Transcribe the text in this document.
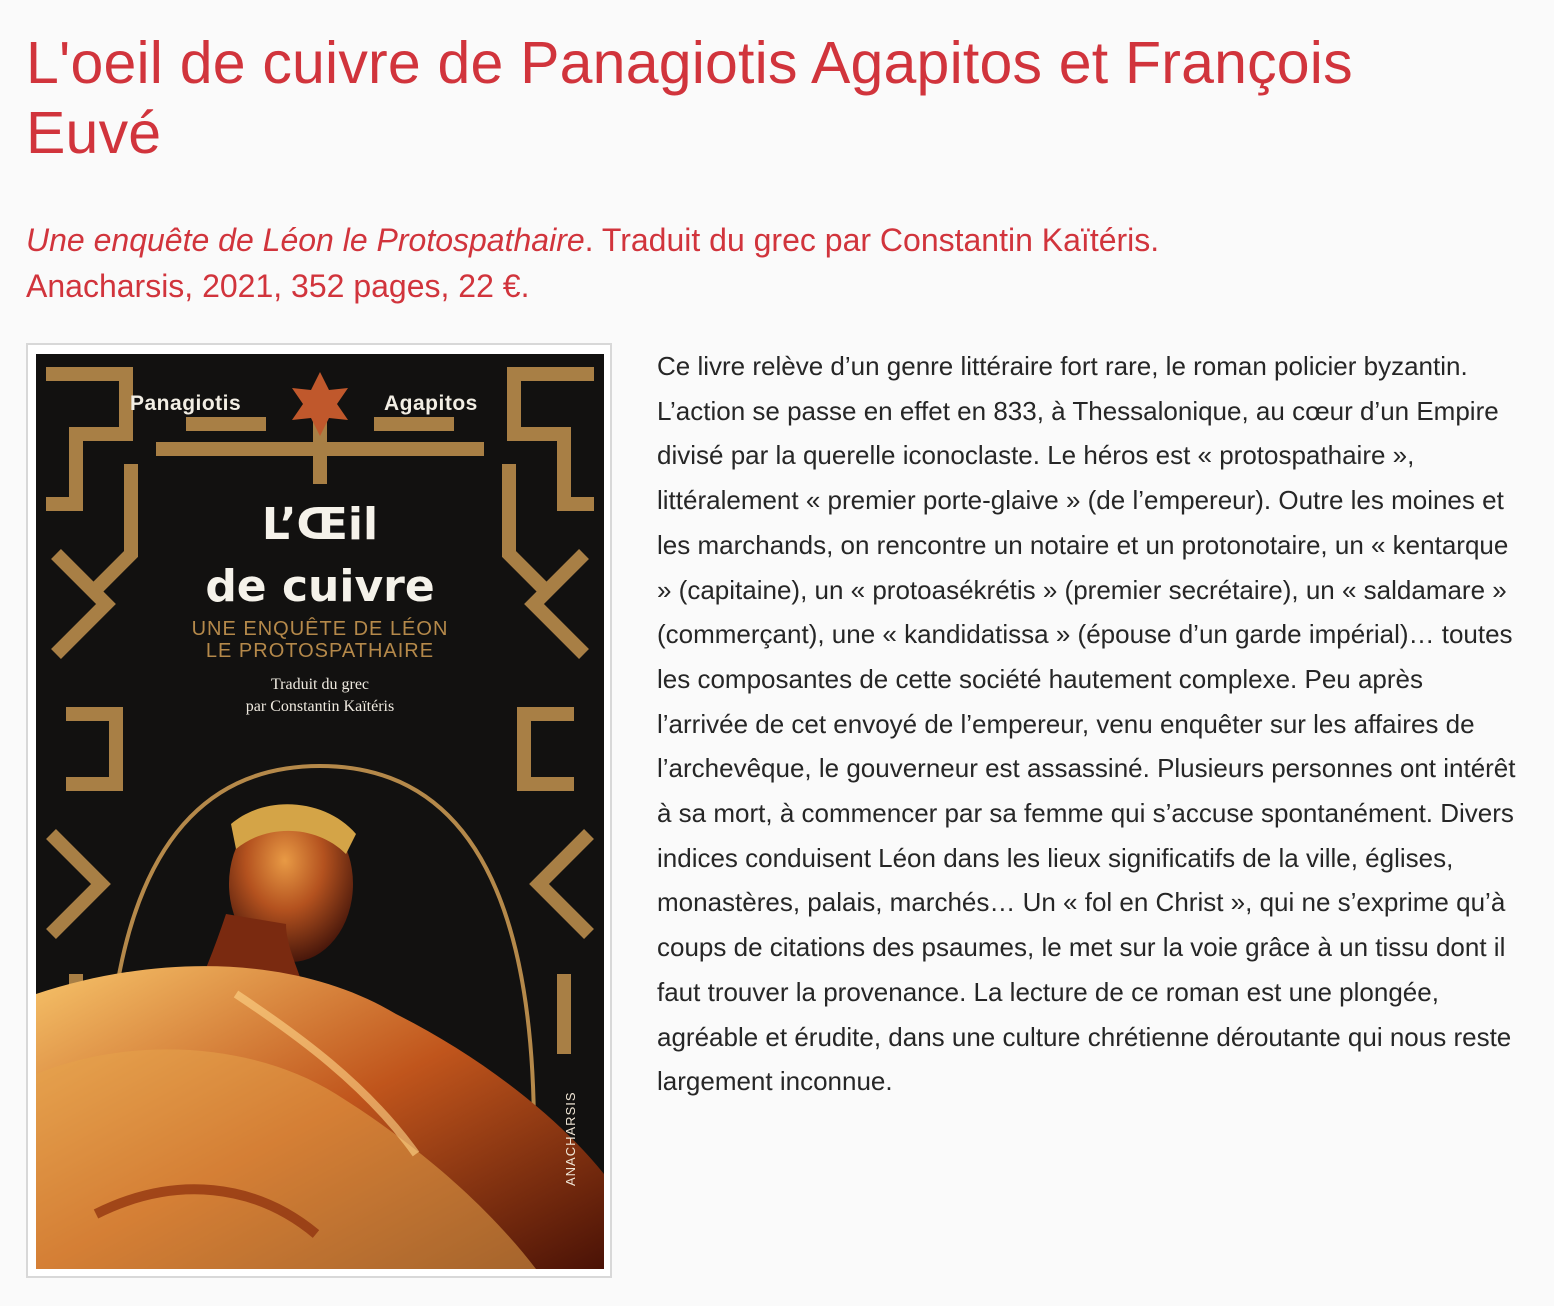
L'oeil de cuivre de Panagiotis Agapitos et François Euvé
Une enquête de Léon le Protospathaire. Traduit du grec par Constantin Kaïtéris.
Anacharsis, 2021, 352 pages, 22 €.
Panagiotis	Agapitos
L’Œil
de cuivre
UNE ENQUÊTE DE LÉON
LE PROTOSPATHAIRE
Traduit du grec
par Constantin Kaïtéris
ANACHARSIS

Ce livre relève d’un genre littéraire fort rare, le roman policier byzantin. L’action se passe en effet en 833, à Thessalonique, au cœur d’un Empire divisé par la querelle iconoclaste. Le héros est « protospathaire », littéralement « premier porte-glaive » (de l’empereur). Outre les moines et les marchands, on rencontre un notaire et un protonotaire, un « kentarque » (capitaine), un « protoasékrétis » (premier secrétaire), un « saldamare » (commerçant), une « kandidatissa » (épouse d’un garde impérial)… toutes les composantes de cette société hautement complexe. Peu après l’arrivée de cet envoyé de l’empereur, venu enquêter sur les affaires de l’archevêque, le gouverneur est assassiné. Plusieurs personnes ont intérêt à sa mort, à commencer par sa femme qui s’accuse spontanément. Divers indices conduisent Léon dans les lieux significatifs de la ville, églises, monastères, palais, marchés… Un « fol en Christ », qui ne s’exprime qu’à coups de citations des psaumes, le met sur la voie grâce à un tissu dont il faut trouver la provenance. La lecture de ce roman est une plongée, agréable et érudite, dans une culture chrétienne déroutante qui nous reste largement inconnue.
